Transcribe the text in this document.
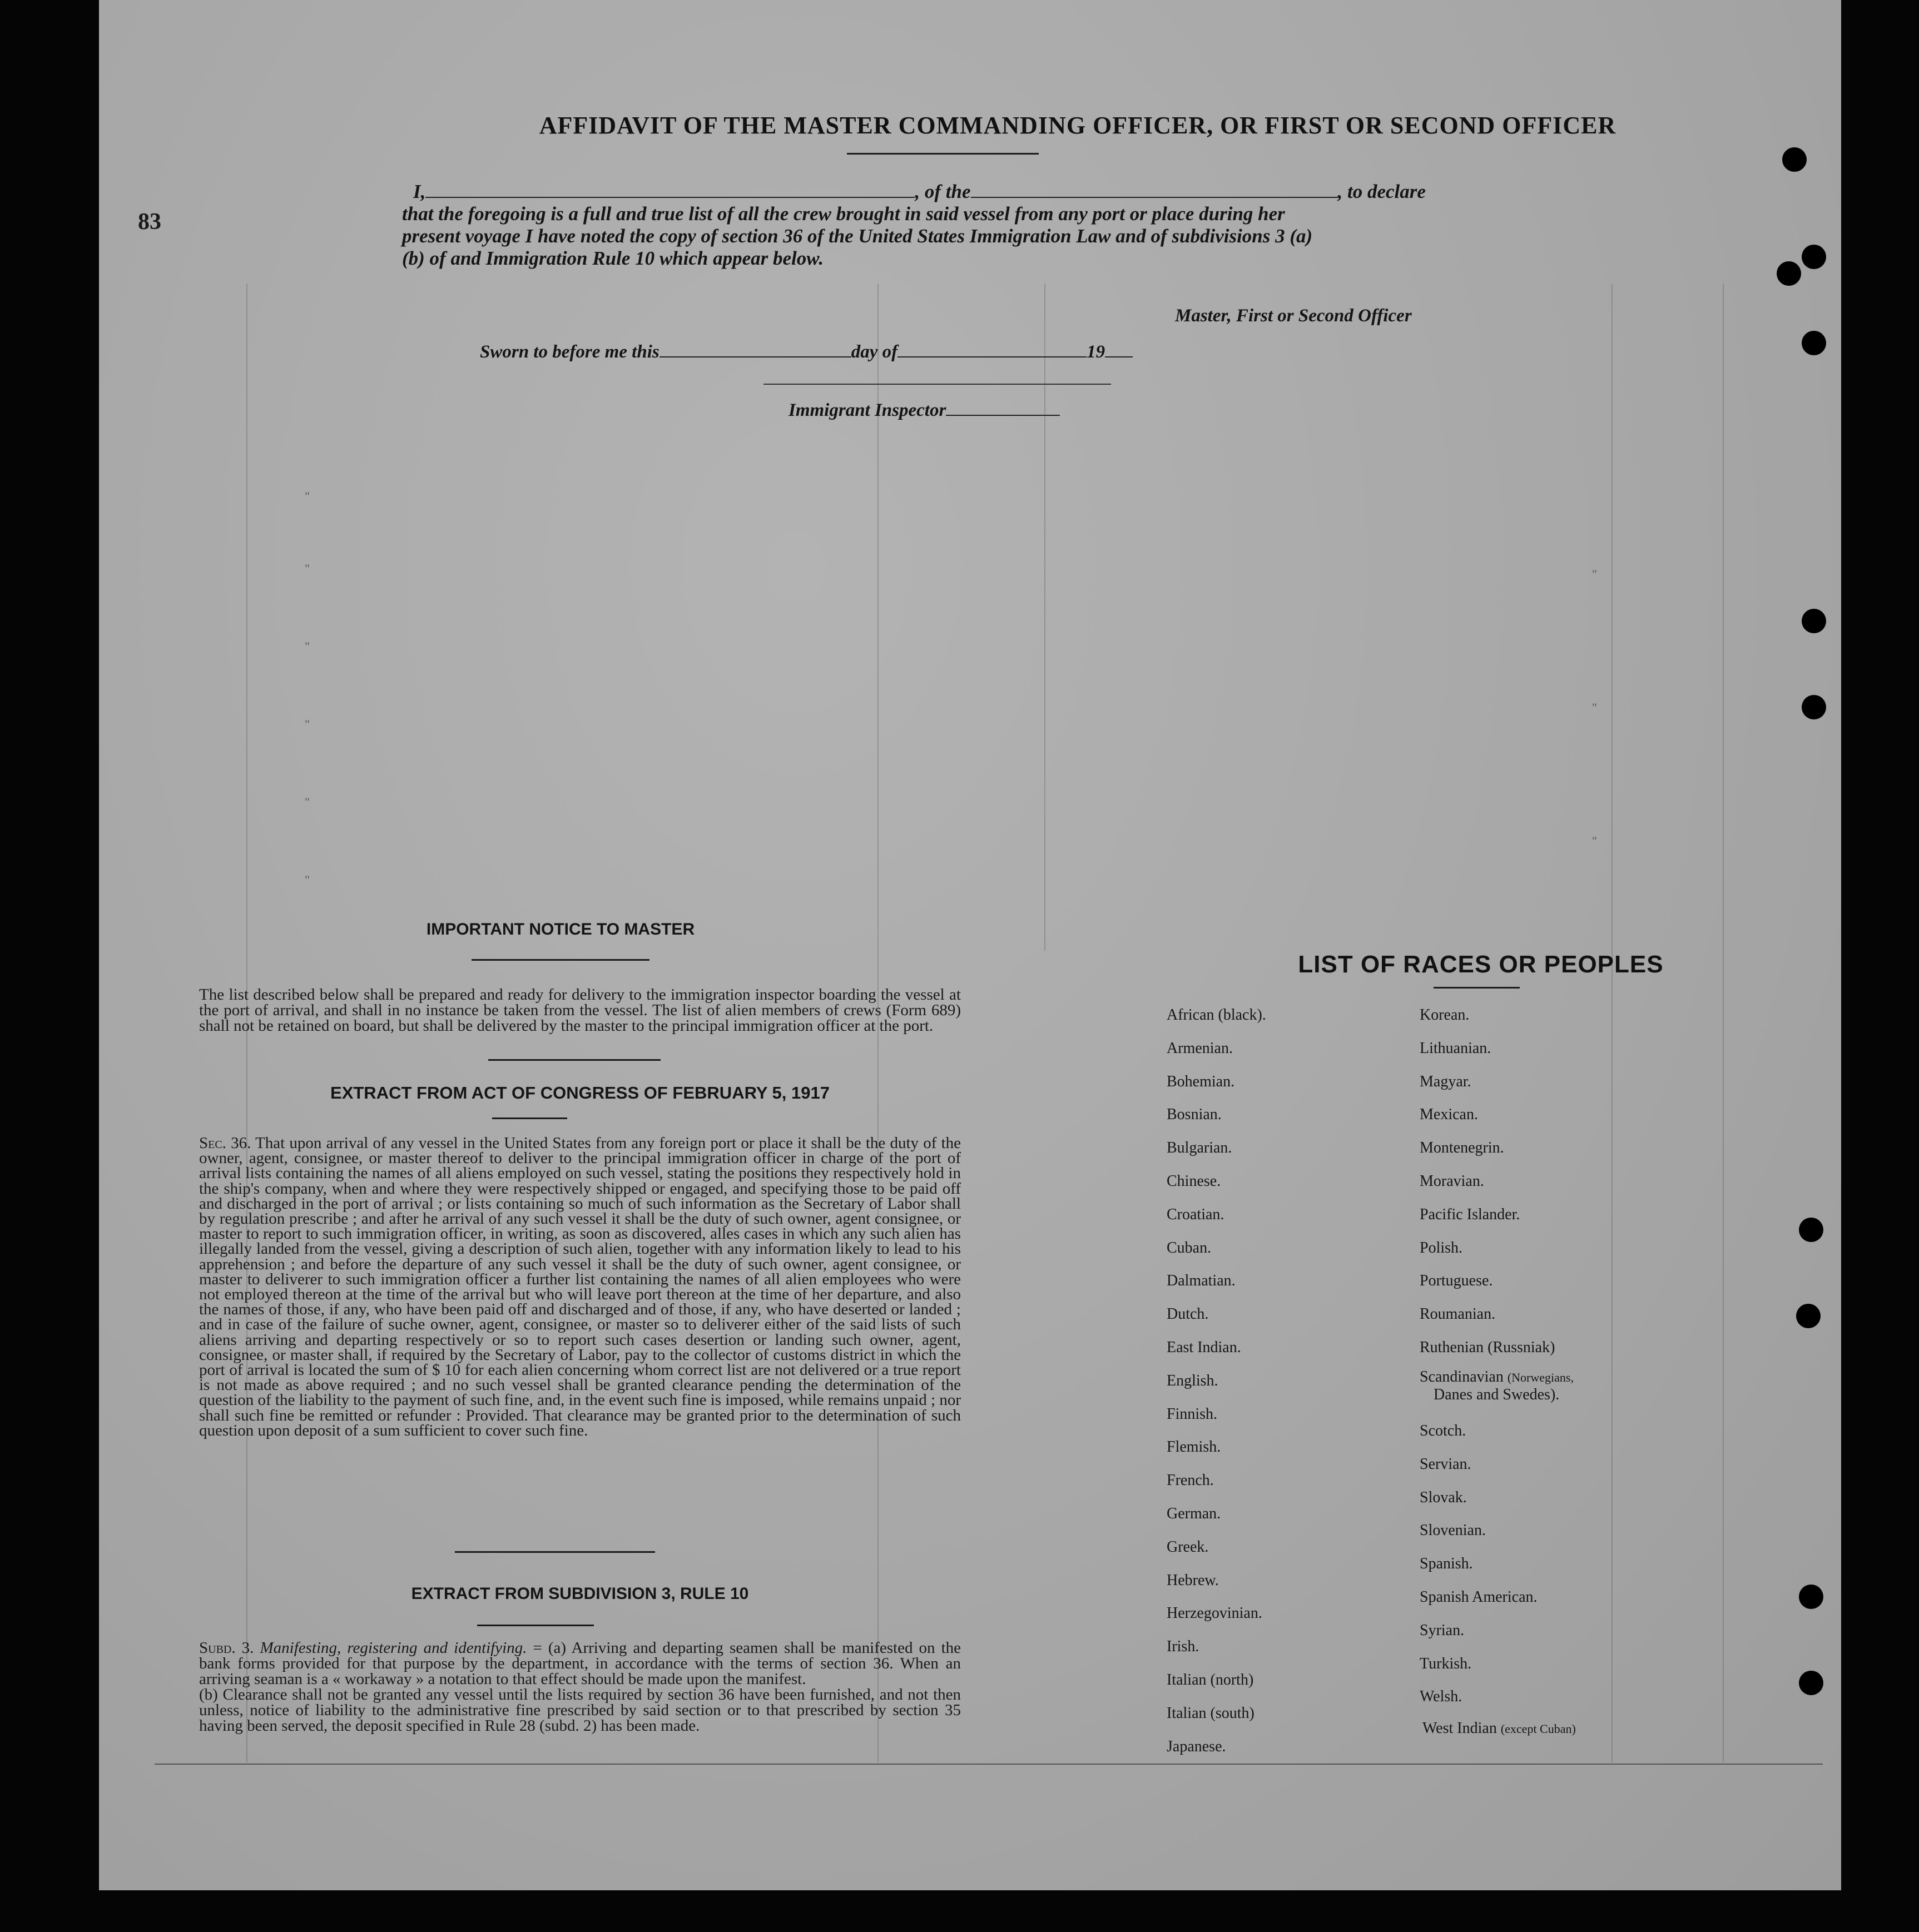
83
AFFIDAVIT OF THE MASTER COMMANDING OFFICER, OR FIRST OR SECOND OFFICER
I,	, of the	, to declare
that the foregoing is a full and true list of all the crew brought in said vessel from any port or place during her
present voyage I have noted the copy of section 36 of the United States Immigration Law and of subdivisions 3 (a)
(b) of and Immigration Rule 10 which appear below.
Master, First or Second Officer
Sworn to before me this	day of	19
Immigrant Inspector
"
"
"
"
"
"
"
"
"
IMPORTANT NOTICE TO MASTER
The list described below shall be prepared and ready for delivery to the immigration inspector boarding the vessel at the port of arrival, and shall in no instance be taken from the vessel. The list of alien members of crews (Form 689) shall not be retained on board, but shall be delivered by the master to the principal immigration officer at the port.
EXTRACT FROM ACT OF CONGRESS OF FEBRUARY 5, 1917
Sec. 36. That upon arrival of any vessel in the United States from any foreign port or place it shall be the duty of the owner, agent, consignee, or master thereof to deliver to the principal immigration officer in charge of the port of arrival lists containing the names of all aliens employed on such vessel, stating the positions they respectively hold in the ship's company, when and where they were respectively shipped or engaged, and specifying those to be paid off and discharged in the port of arrival ; or lists containing so much of such information as the Secretary of Labor shall by regulation prescribe ; and after he arrival of any such vessel it shall be the duty of such owner, agent consignee, or master to report to such immigration officer, in writing, as soon as discovered, alles cases in which any such alien has illegally landed from the vessel, giving a description of such alien, together with any information likely to lead to his apprehension ; and before the departure of any such vessel it shall be the duty of such owner, agent consignee, or master to deliverer to such immigration officer a further list containing the names of all alien employees who were not employed thereon at the time of the arrival but who will leave port thereon at the time of her departure, and also the names of those, if any, who have been paid off and discharged and of those, if any, who have deserted or landed ; and in case of the failure of suche owner, agent, consignee, or master so to deliverer either of the said lists of such aliens arriving and departing respectively or so to report such cases desertion or landing such owner, agent, consignee, or master shall, if required by the Secretary of Labor, pay to the collector of customs district in which the port of arrival is located the sum of $ 10 for each alien concerning whom correct list are not delivered or a true report is not made as above required ; and no such vessel shall be granted clearance pending the determination of the question of the liability to the payment of such fine, and, in the event such fine is imposed, while remains unpaid ; nor shall such fine be remitted or refunder : Provided. That clearance may be granted prior to the determination of such question upon deposit of a sum sufficient to cover such fine.
EXTRACT FROM SUBDIVISION 3, RULE 10
Subd. 3. Manifesting, registering and identifying. = (a) Arriving and departing seamen shall be manifested on the bank forms provided for that purpose by the department, in accordance with the terms of section 36. When an arriving seaman is a « workaway » a notation to that effect should be made upon the manifest.
(b) Clearance shall not be granted any vessel until the lists required by section 36 have been furnished, and not then unless, notice of liability to the administrative fine prescribed by said section or to that prescribed by section 35 having been served, the deposit specified in Rule 28 (subd. 2) has been made.
LIST OF RACES OR PEOPLES
Scandinavian (Norwegians,
Danes and Swedes).
West Indian (except Cuban)
African (black).
Armenian.
Bohemian.
Bosnian.
Bulgarian.
Chinese.
Croatian.
Cuban.
Dalmatian.
Dutch.
East Indian.
English.
Finnish.
Flemish.
French.
German.
Greek.
Hebrew.
Herzegovinian.
Irish.
Italian (north)
Italian (south)
Japanese.
Korean.
Lithuanian.
Magyar.
Mexican.
Montenegrin.
Moravian.
Pacific Islander.
Polish.
Portuguese.
Roumanian.
Ruthenian (Russniak)
Scotch.
Servian.
Slovak.
Slovenian.
Spanish.
Spanish American.
Syrian.
Turkish.
Welsh.
